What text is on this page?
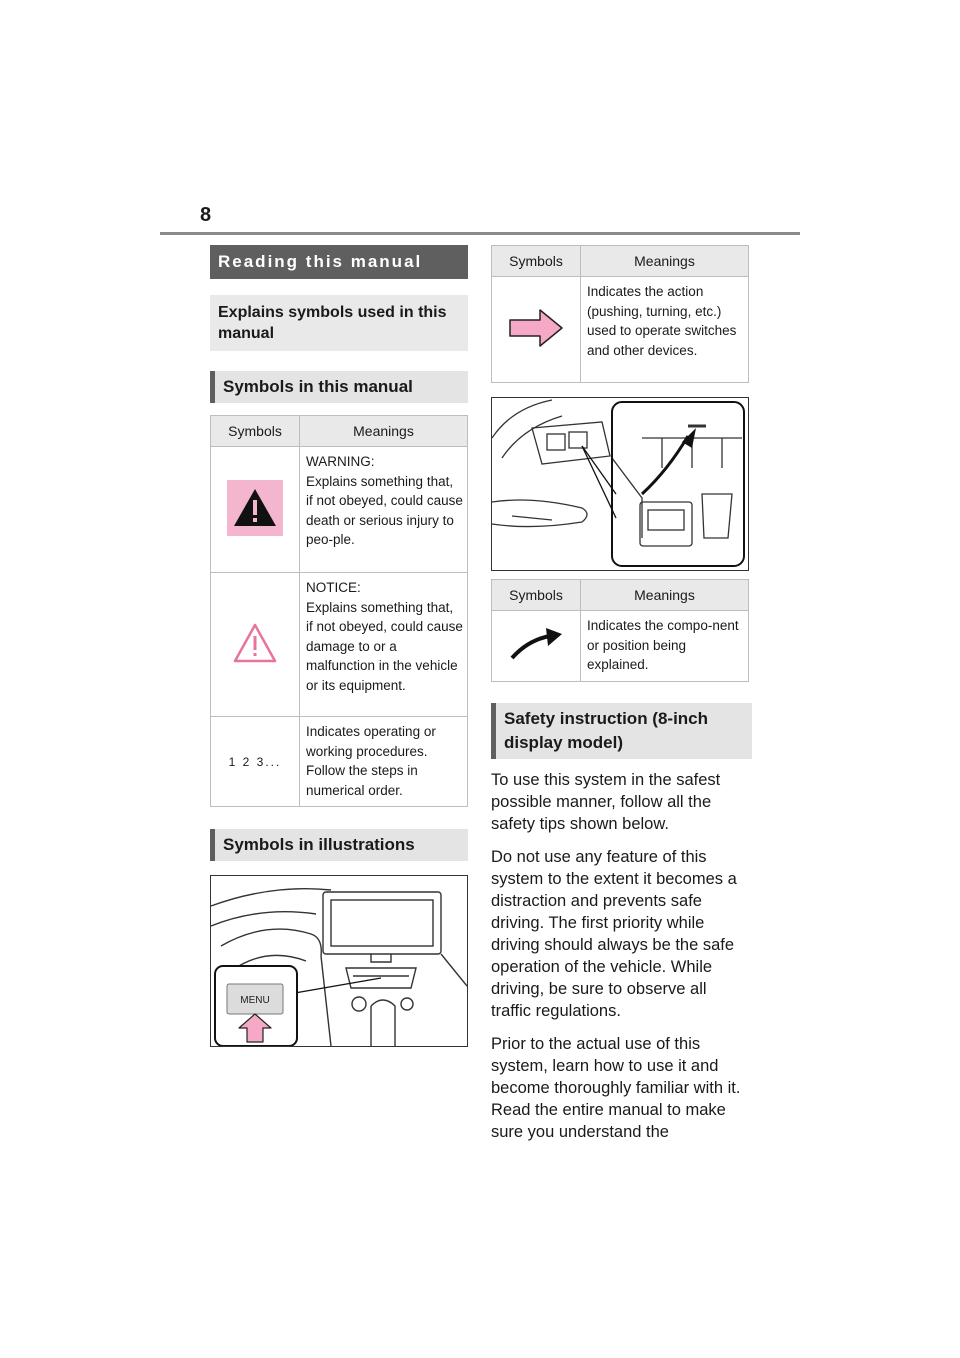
8
Reading this manual
Explains symbols used in this manual
Symbols in this manual
Symbols	Meanings
	WARNING:
Explains something that, if not obeyed, could cause death or serious injury to peo-ple.
	NOTICE:
Explains something that, if not obeyed, could cause damage to or a malfunction in the vehicle or its equipment.
1 2 3...	Indicates operating or working procedures. Follow the steps in numerical order.
Symbols in illustrations
MENU
Symbols	Meanings
	Indicates the action (pushing, turning, etc.) used to operate switches and other devices.
Symbols	Meanings
	Indicates the compo-nent or position being explained.
Safety instruction (8-inch display model)

To use this system in the safest possible manner, follow all the safety tips shown below.

Do not use any feature of this system to the extent it becomes a distraction and prevents safe driving. The first priority while driving should always be the safe operation of the vehicle. While driving, be sure to observe all traffic regulations.

Prior to the actual use of this system, learn how to use it and become thoroughly familiar with it. Read the entire manual to make sure you understand the
